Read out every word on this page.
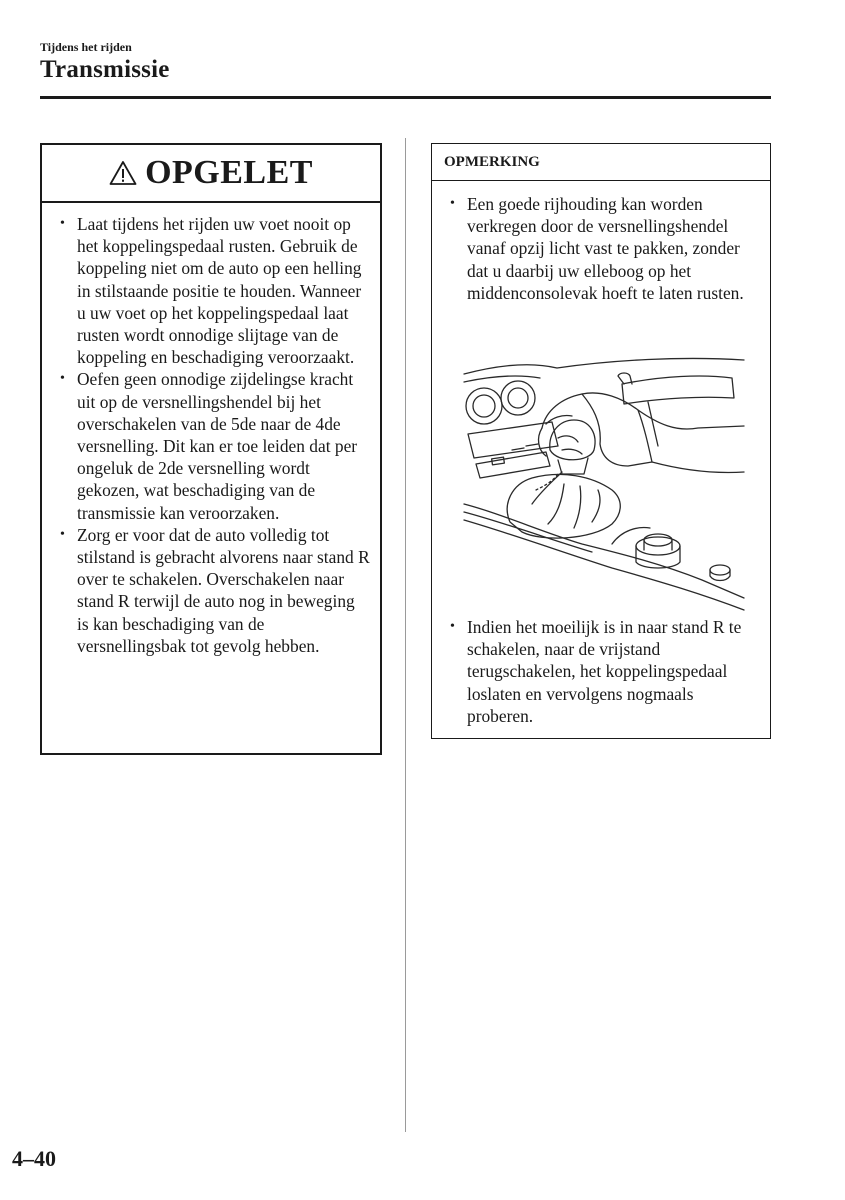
Tijdens het rijden
Transmissie
OPGELET
• Laat tijdens het rijden uw voet nooit op het koppelingspedaal rusten. Gebruik de koppeling niet om de auto op een helling in stilstaande positie te houden. Wanneer u uw voet op het koppelingspedaal laat rusten wordt onnodige slijtage van de koppeling en beschadiging veroorzaakt.
• Oefen geen onnodige zijdelingse kracht uit op de versnellingshendel bij het overschakelen van de 5de naar de 4de versnelling. Dit kan er toe leiden dat per ongeluk de 2de versnelling wordt gekozen, wat beschadiging van de transmissie kan veroorzaken.
• Zorg er voor dat de auto volledig tot stilstand is gebracht alvorens naar stand R over te schakelen. Overschakelen naar stand R terwijl de auto nog in beweging is kan beschadiging van de versnellingsbak tot gevolg hebben.
OPMERKING
• Een goede rijhouding kan worden verkregen door de versnellingshendel vanaf opzij licht vast te pakken, zonder dat u daarbij uw elleboog op het middenconsolevak hoeft te laten rusten.
• Indien het moeilijk is in naar stand R te schakelen, naar de vrijstand terugschakelen, het koppelingspedaal loslaten en vervolgens nogmaals proberen.
4–40
